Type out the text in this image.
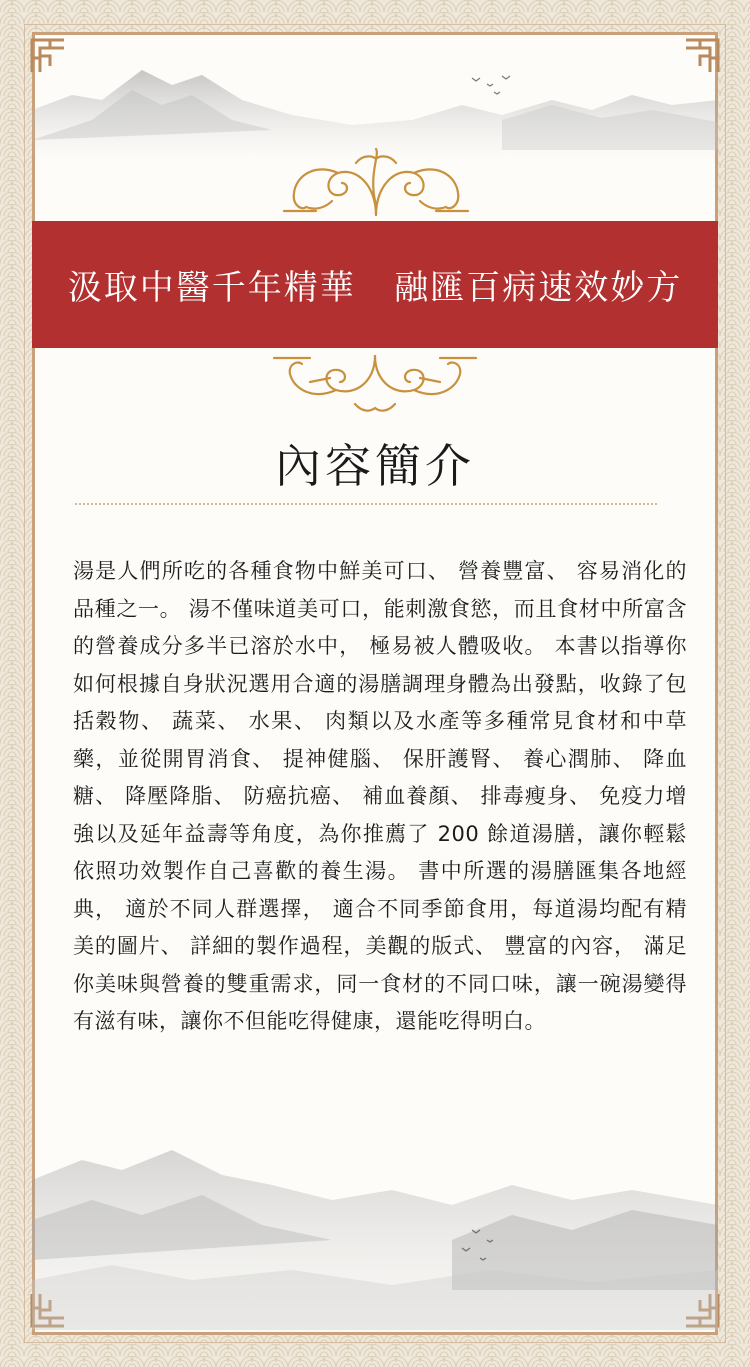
汲取中醫千年精華   融匯百病速效妙方
內容簡介
湯是人們所吃的各種食物中鮮美可口、 營養豐富、 容易消化的品種之一。 湯不僅味道美可口，能刺激食慾，而且食材中所富含的營養成分多半已溶於水中， 極易被人體吸收。 本書以指導你如何根據自身狀況選用合適的湯膳調理身體為出發點，收錄了包括穀物、 蔬菜、 水果、 肉類以及水產等多種常見食材和中草藥，並從開胃消食、 提神健腦、 保肝護腎、 養心潤肺、 降血糖、 降壓降脂、 防癌抗癌、 補血養顏、 排毒瘦身、 免疫力增強以及延年益壽等角度，為你推薦了 200 餘道湯膳，讓你輕鬆依照功效製作自己喜歡的養生湯。 書中所選的湯膳匯集各地經典， 適於不同人群選擇， 適合不同季節食用，每道湯均配有精美的圖片、 詳細的製作過程，美觀的版式、 豐富的內容， 滿足你美味與營養的雙重需求，同一食材的不同口味，讓一碗湯變得有滋有味，讓你不但能吃得健康，還能吃得明白。
